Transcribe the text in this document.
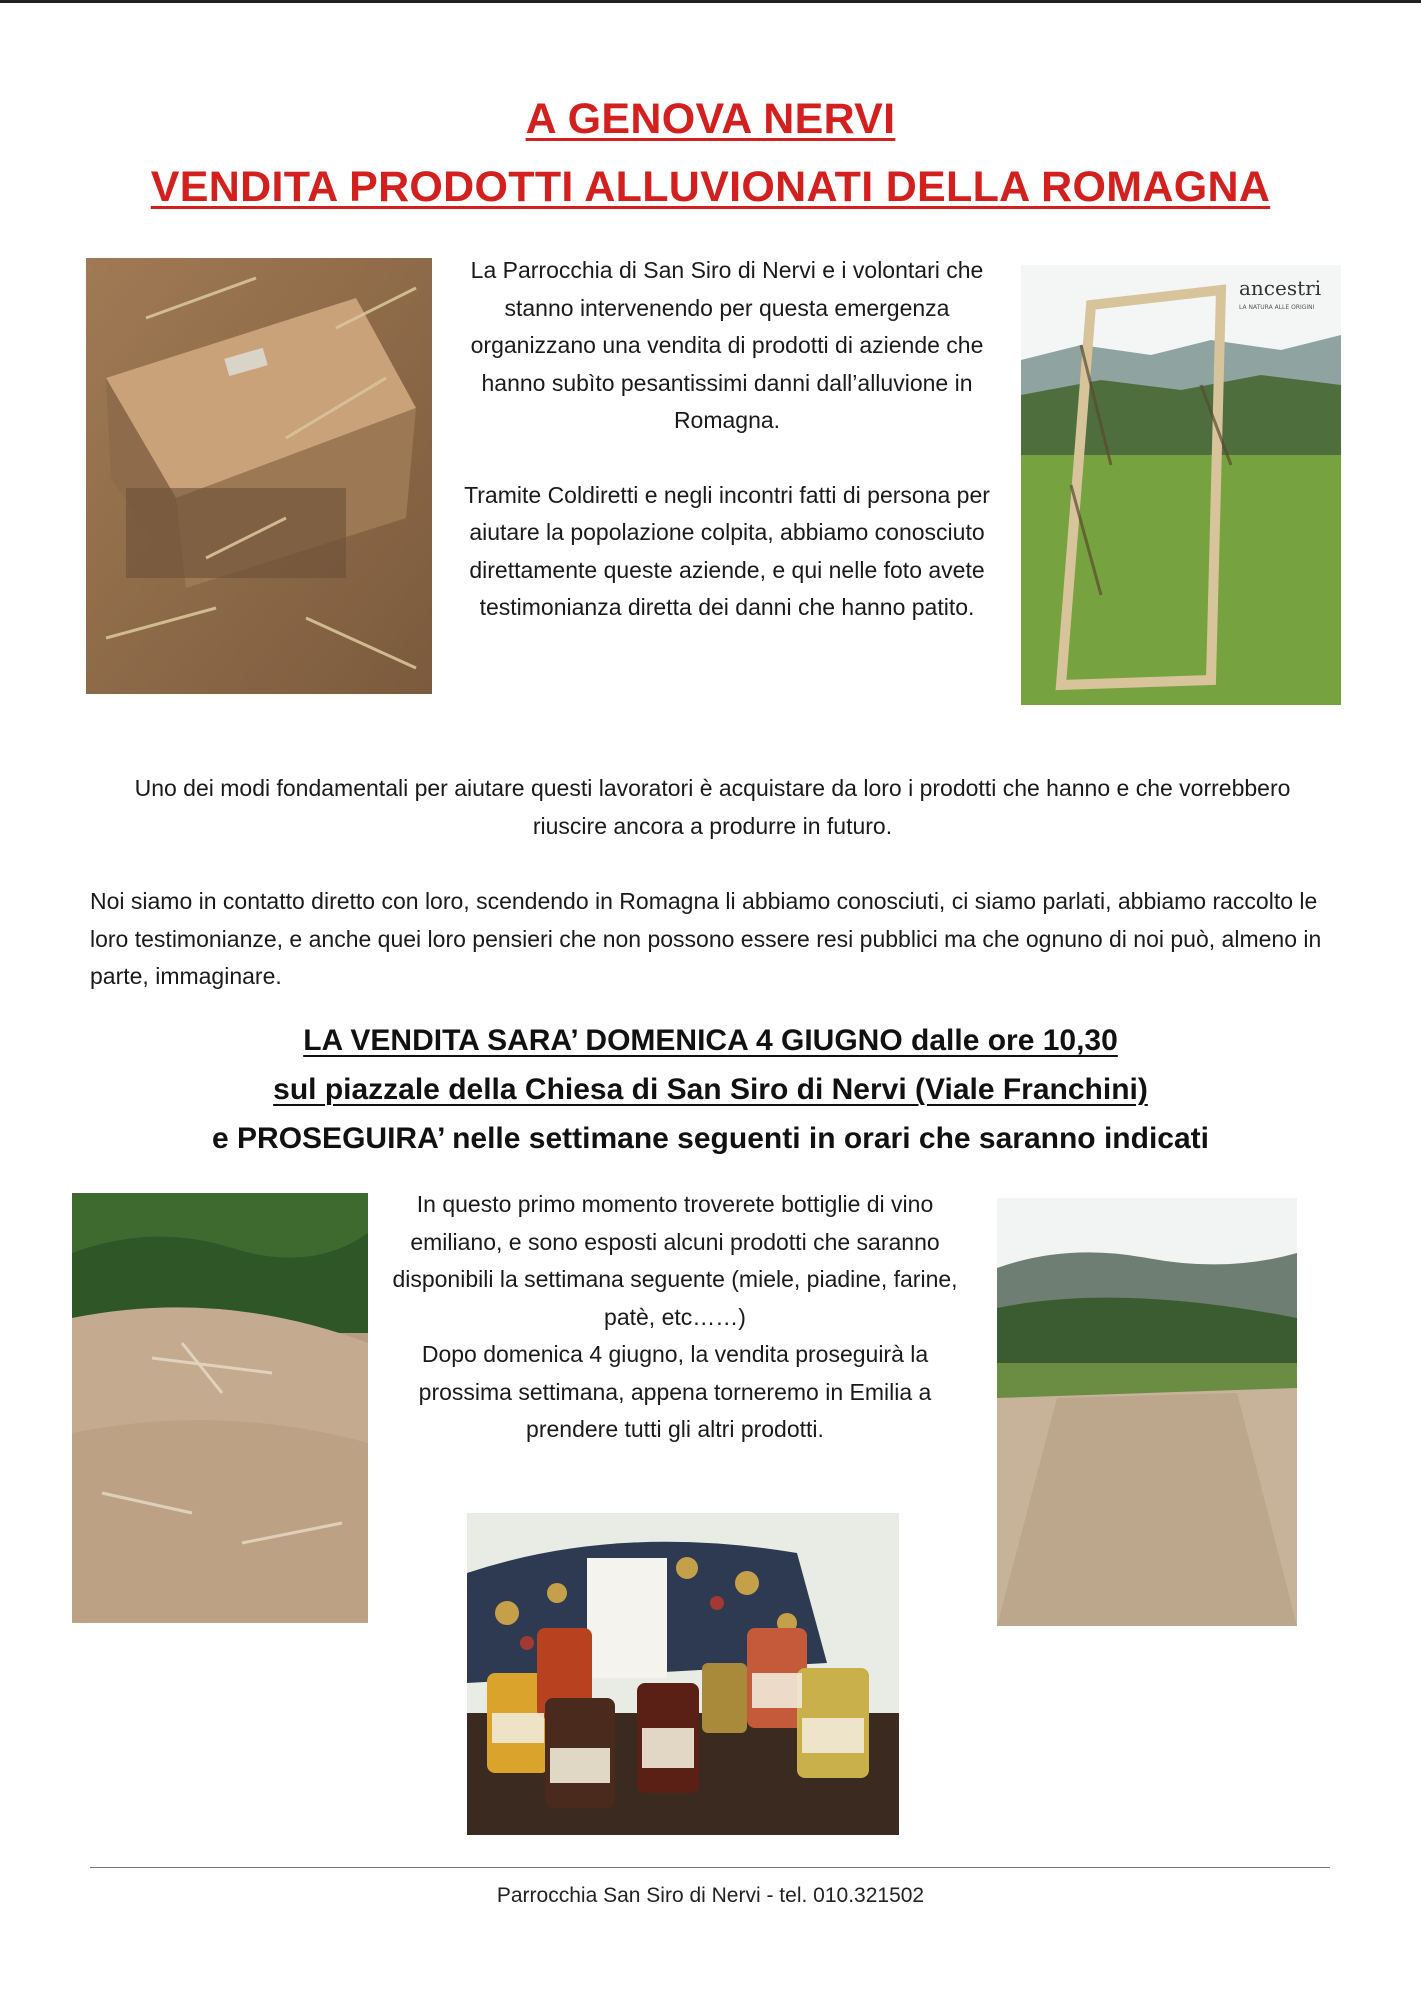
A GENOVA NERVI
VENDITA PRODOTTI ALLUVIONATI DELLA ROMAGNA
ancestri
LA NATURA ALLE ORIGINI

La Parrocchia di San Siro di Nervi e i volontari che stanno intervenendo per questa emergenza organizzano una vendita di prodotti di aziende che hanno subìto pesantissimi danni dall’alluvione in Romagna.

Tramite Coldiretti e negli incontri fatti di persona per aiutare la popolazione colpita, abbiamo conosciuto direttamente queste aziende, e qui nelle foto avete testimonianza diretta dei danni che hanno patito.

Uno dei modi fondamentali per aiutare questi lavoratori è acquistare da loro i prodotti che hanno e che vorrebbero riuscire ancora a produrre in futuro.

Noi siamo in contatto diretto con loro, scendendo in Romagna li abbiamo conosciuti, ci siamo parlati, abbiamo raccolto le loro testimonianze, e anche quei loro pensieri che non possono essere resi pubblici ma che ognuno di noi può, almeno in parte, immaginare.

LA VENDITA SARA’ DOMENICA 4 GIUGNO dalle ore 10,30
sul piazzale della Chiesa di San Siro di Nervi (Viale Franchini)
e PROSEGUIRA’ nelle settimane seguenti in orari che saranno indicati

In questo primo momento troverete bottiglie di vino emiliano, e sono esposti alcuni prodotti che saranno disponibili la settimana seguente (miele, piadine, farine, patè, etc……)

Dopo domenica 4 giugno, la vendita proseguirà la prossima settimana, appena torneremo in Emilia a prendere tutti gli altri prodotti.

Parrocchia San Siro di Nervi - tel. 010.321502
